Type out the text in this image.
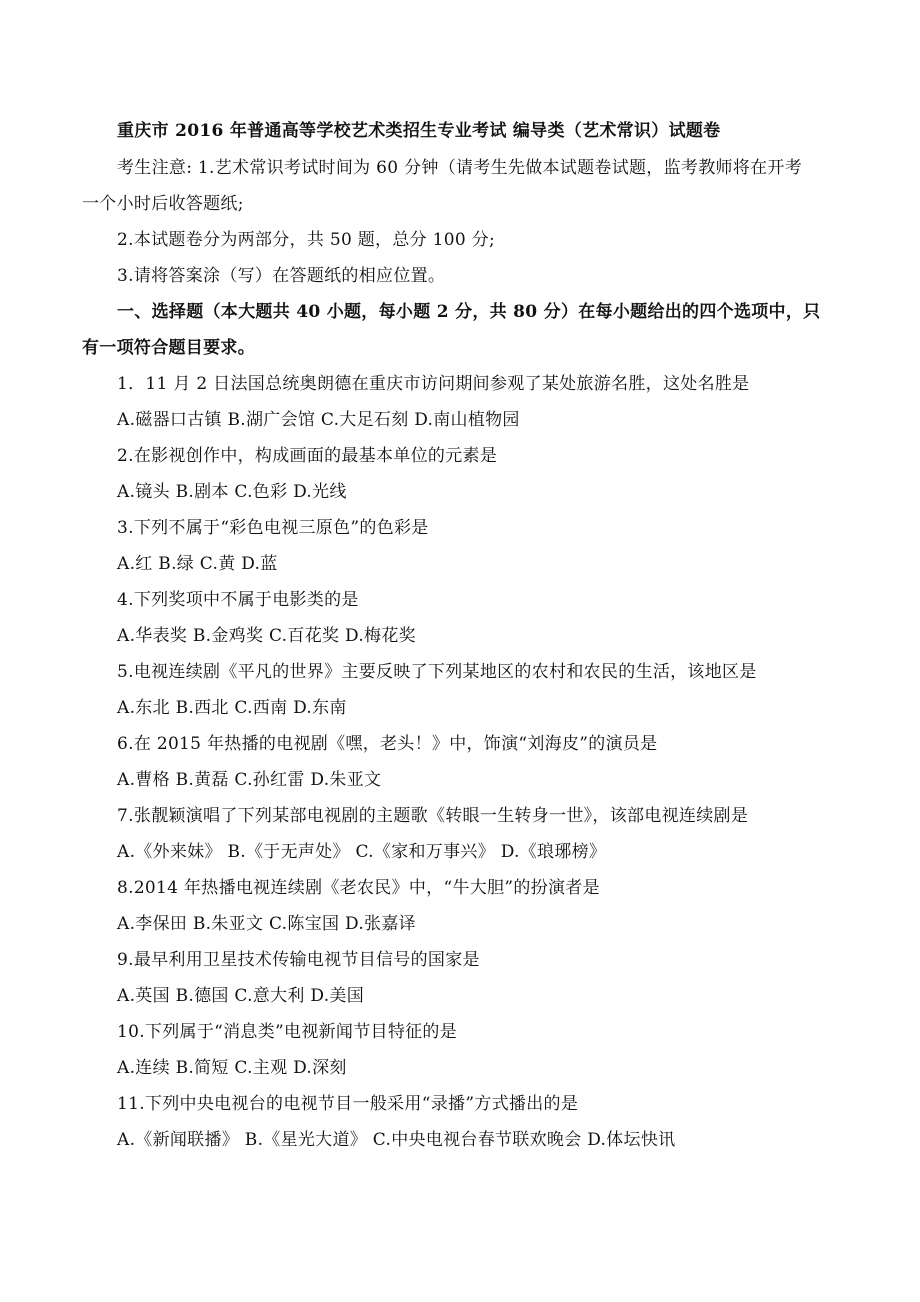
重庆市 2016 年普通高等学校艺术类招生专业考试 编导类（艺术常识）试题卷
考生注意: 1.艺术常识考试时间为 60 分钟（请考生先做本试题卷试题，监考教师将在开考
一个小时后收答题纸;
2.本试题卷分为两部分，共 50 题，总分 100 分;
3.请将答案涂（写）在答题纸的相应位置。
一、选择题（本大题共 40 小题，每小题 2 分，共 80 分）在每小题给出的四个选项中，只
有一项符合题目要求。
1．11 月 2 日法国总统奥朗德在重庆市访问期间参观了某处旅游名胜，这处名胜是
A.磁器口古镇 B.湖广会馆 C.大足石刻 D.南山植物园
2.在影视创作中，构成画面的最基本单位的元素是
A.镜头 B.剧本 C.色彩 D.光线
3.下列不属于“彩色电视三原色”的色彩是
A.红 B.绿 C.黄 D.蓝
4.下列奖项中不属于电影类的是
A.华表奖 B.金鸡奖 C.百花奖 D.梅花奖
5.电视连续剧《平凡的世界》主要反映了下列某地区的农村和农民的生活，该地区是
A.东北 B.西北 C.西南 D.东南
6.在 2015 年热播的电视剧《嘿，老头！》中，饰演“刘海皮”的演员是
A.曹格 B.黄磊 C.孙红雷 D.朱亚文
7.张靓颖演唱了下列某部电视剧的主题歌《转眼一生转身一世》，该部电视连续剧是
A.《外来妹》 B.《于无声处》 C.《家和万事兴》 D.《琅琊榜》
8.2014 年热播电视连续剧《老农民》中，“牛大胆”的扮演者是
A.李保田 B.朱亚文 C.陈宝国 D.张嘉译
9.最早利用卫星技术传输电视节目信号的国家是
A.英国 B.德国 C.意大利 D.美国
10.下列属于“消息类”电视新闻节目特征的是
A.连续 B.简短 C.主观 D.深刻
11.下列中央电视台的电视节目一般采用“录播”方式播出的是
A.《新闻联播》 B.《星光大道》 C.中央电视台春节联欢晚会 D.体坛快讯
